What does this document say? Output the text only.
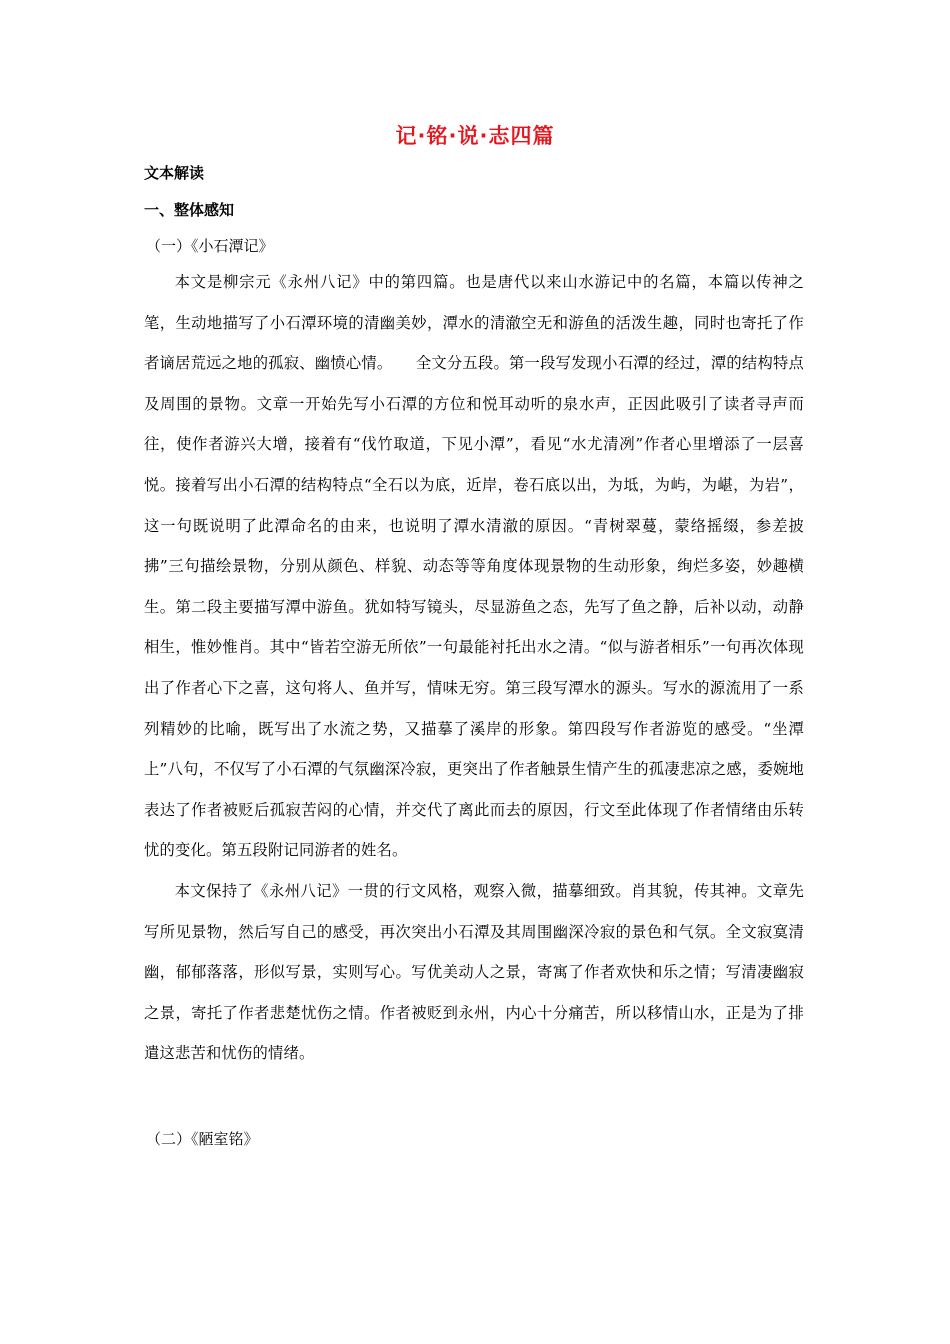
记·铭·说·志四篇
文本解读
一、整体感知
（一）《小石潭记》

本文是柳宗元《永州八记》中的第四篇。也是唐代以来山水游记中的名篇，本篇以传神之笔，生动地描写了小石潭环境的清幽美妙，潭水的清澈空无和游鱼的活泼生趣，同时也寄托了作者谪居荒远之地的孤寂、幽愤心情。　　全文分五段。第一段写发现小石潭的经过，潭的结构特点及周围的景物。文章一开始先写小石潭的方位和悦耳动听的泉水声，正因此吸引了读者寻声而往，使作者游兴大增，接着有“伐竹取道，下见小潭”，看见“水尤清冽”作者心里增添了一层喜悦。接着写出小石潭的结构特点“全石以为底，近岸，卷石底以出，为坻，为屿，为嵁，为岩”，这一句既说明了此潭命名的由来，也说明了潭水清澈的原因。“青树翠蔓，蒙络摇缀，参差披拂”三句描绘景物，分别从颜色、样貌、动态等等角度体现景物的生动形象，绚烂多姿，妙趣横生。第二段主要描写潭中游鱼。犹如特写镜头，尽显游鱼之态，先写了鱼之静，后补以动，动静相生，惟妙惟肖。其中“皆若空游无所依”一句最能衬托出水之清。“似与游者相乐”一句再次体现出了作者心下之喜，这句将人、鱼并写，情味无穷。第三段写潭水的源头。写水的源流用了一系列精妙的比喻，既写出了水流之势，又描摹了溪岸的形象。第四段写作者游览的感受。“坐潭上”八句，不仅写了小石潭的气氛幽深冷寂，更突出了作者触景生情产生的孤凄悲凉之感，委婉地表达了作者被贬后孤寂苦闷的心情，并交代了离此而去的原因，行文至此体现了作者情绪由乐转忧的变化。第五段附记同游者的姓名。

本文保持了《永州八记》一贯的行文风格，观察入微，描摹细致。肖其貌，传其神。文章先写所见景物，然后写自己的感受，再次突出小石潭及其周围幽深冷寂的景色和气氛。全文寂寞清幽，郁郁落落，形似写景，实则写心。写优美动人之景，寄寓了作者欢快和乐之情；写清凄幽寂之景，寄托了作者悲楚忧伤之情。作者被贬到永州，内心十分痛苦，所以移情山水，正是为了排遣这悲苦和忧伤的情绪。

（二）《陋室铭》
